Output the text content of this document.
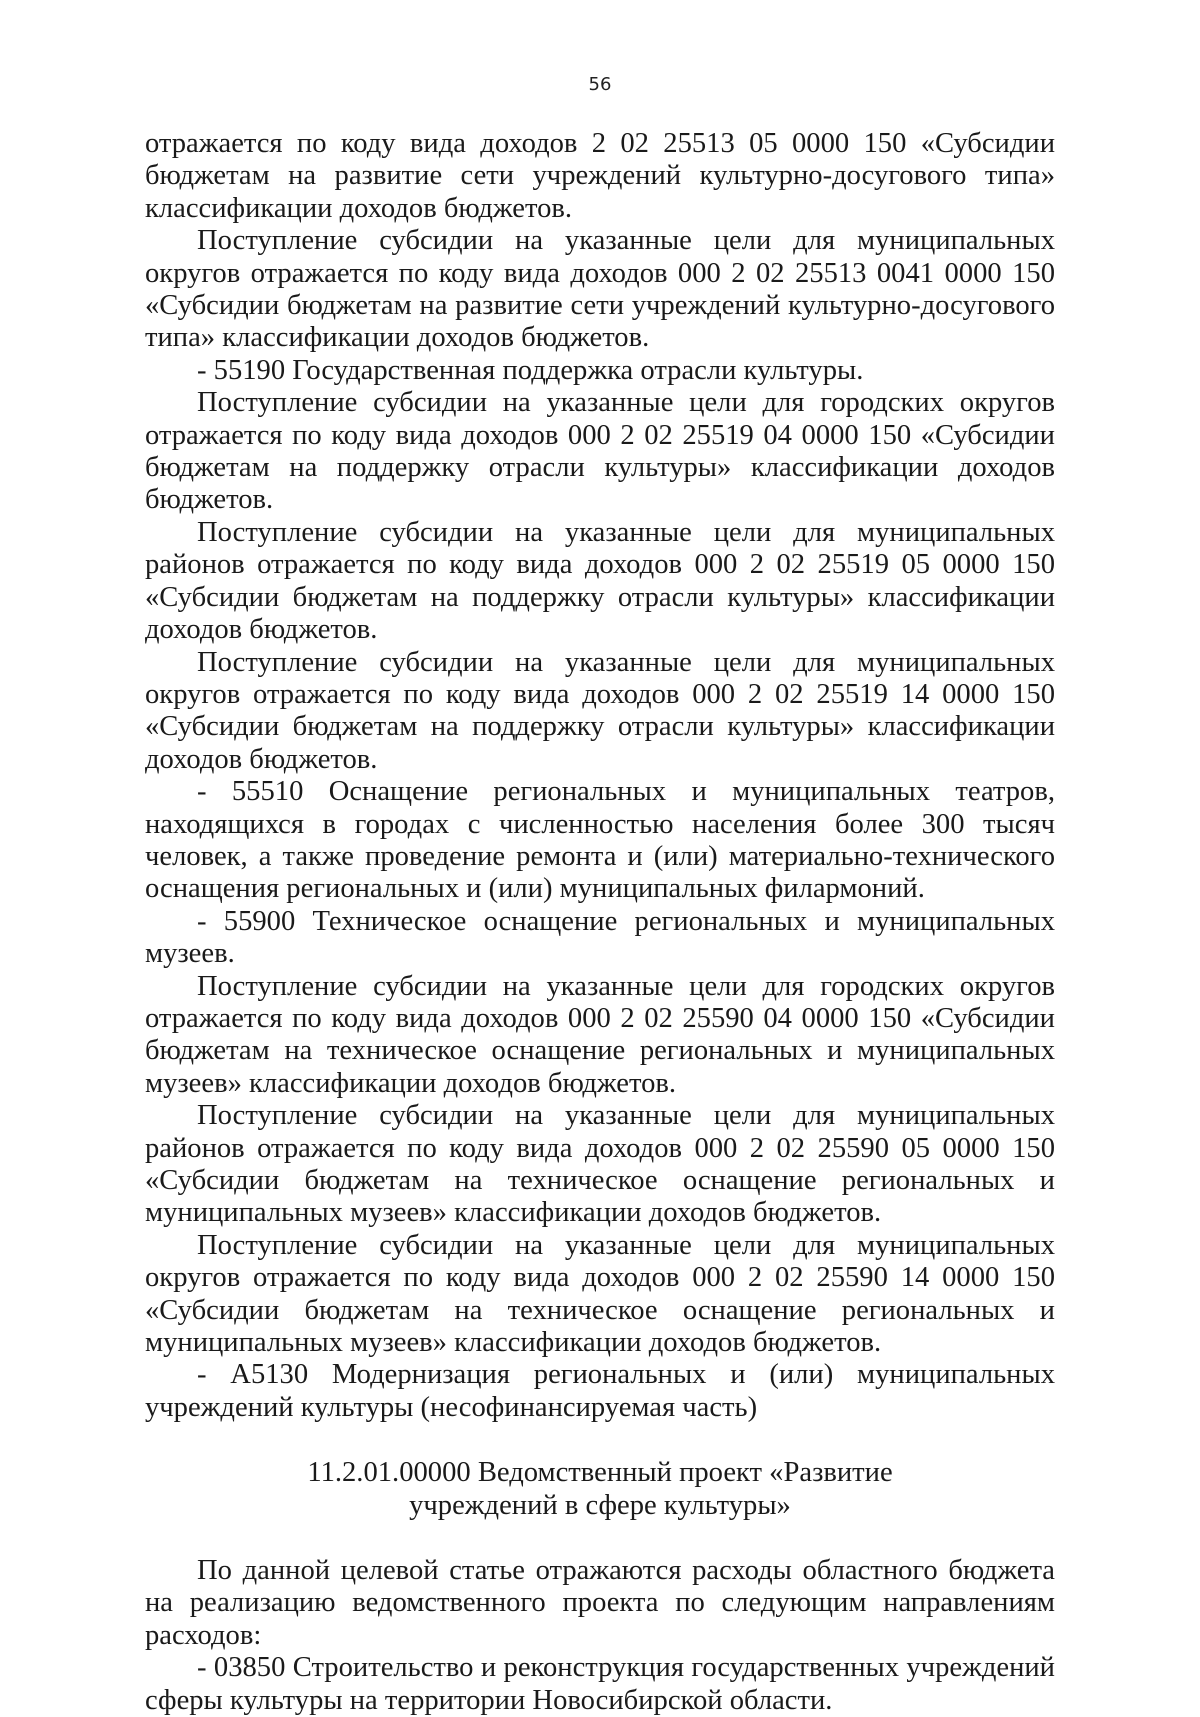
56

отражается по коду вида доходов 2 02 25513 05 0000 150 «Субсидии бюджетам на развитие сети учреждений культурно-досугового типа» классификации доходов бюджетов.

Поступление субсидии на указанные цели для муниципальных округов отражается по коду вида доходов 000 2 02 25513 0041 0000 150 «Субсидии бюджетам на развитие сети учреждений культурно-досугового типа» классификации доходов бюджетов.

- 55190 Государственная поддержка отрасли культуры.

Поступление субсидии на указанные цели для городских округов отражается по коду вида доходов 000 2 02 25519 04 0000 150 «Субсидии бюджетам на поддержку отрасли культуры» классификации доходов бюджетов.

Поступление субсидии на указанные цели для муниципальных районов отражается по коду вида доходов 000 2 02 25519 05 0000 150 «Субсидии бюджетам на поддержку отрасли культуры» классификации доходов бюджетов.

Поступление субсидии на указанные цели для муниципальных округов отражается по коду вида доходов 000 2 02 25519 14 0000 150 «Субсидии бюджетам на поддержку отрасли культуры» классификации доходов бюджетов.

- 55510 Оснащение региональных и муниципальных театров, находящихся в городах с численностью населения более 300 тысяч человек, а также проведение ремонта и (или) материально-технического оснащения региональных и (или) муниципальных филармоний.

- 55900 Техническое оснащение региональных и муниципальных музеев.

Поступление субсидии на указанные цели для городских округов отражается по коду вида доходов 000 2 02 25590 04 0000 150 «Субсидии бюджетам на техническое оснащение региональных и муниципальных музеев» классификации доходов бюджетов.

Поступление субсидии на указанные цели для муниципальных районов отражается по коду вида доходов 000 2 02 25590 05 0000 150 «Субсидии бюджетам на техническое оснащение региональных и муниципальных музеев» классификации доходов бюджетов.

Поступление субсидии на указанные цели для муниципальных округов отражается по коду вида доходов 000 2 02 25590 14 0000 150 «Субсидии бюджетам на техническое оснащение региональных и муниципальных музеев» классификации доходов бюджетов.

- А5130 Модернизация региональных и (или) муниципальных учреждений культуры (несофинансируемая часть)

11.2.01.00000 Ведомственный проект «Развитие
учреждений в сфере культуры»

По данной целевой статье отражаются расходы областного бюджета на реализацию ведомственного проекта по следующим направлениям расходов:

- 03850 Строительство и реконструкция государственных учреждений сферы культуры на территории Новосибирской области.
